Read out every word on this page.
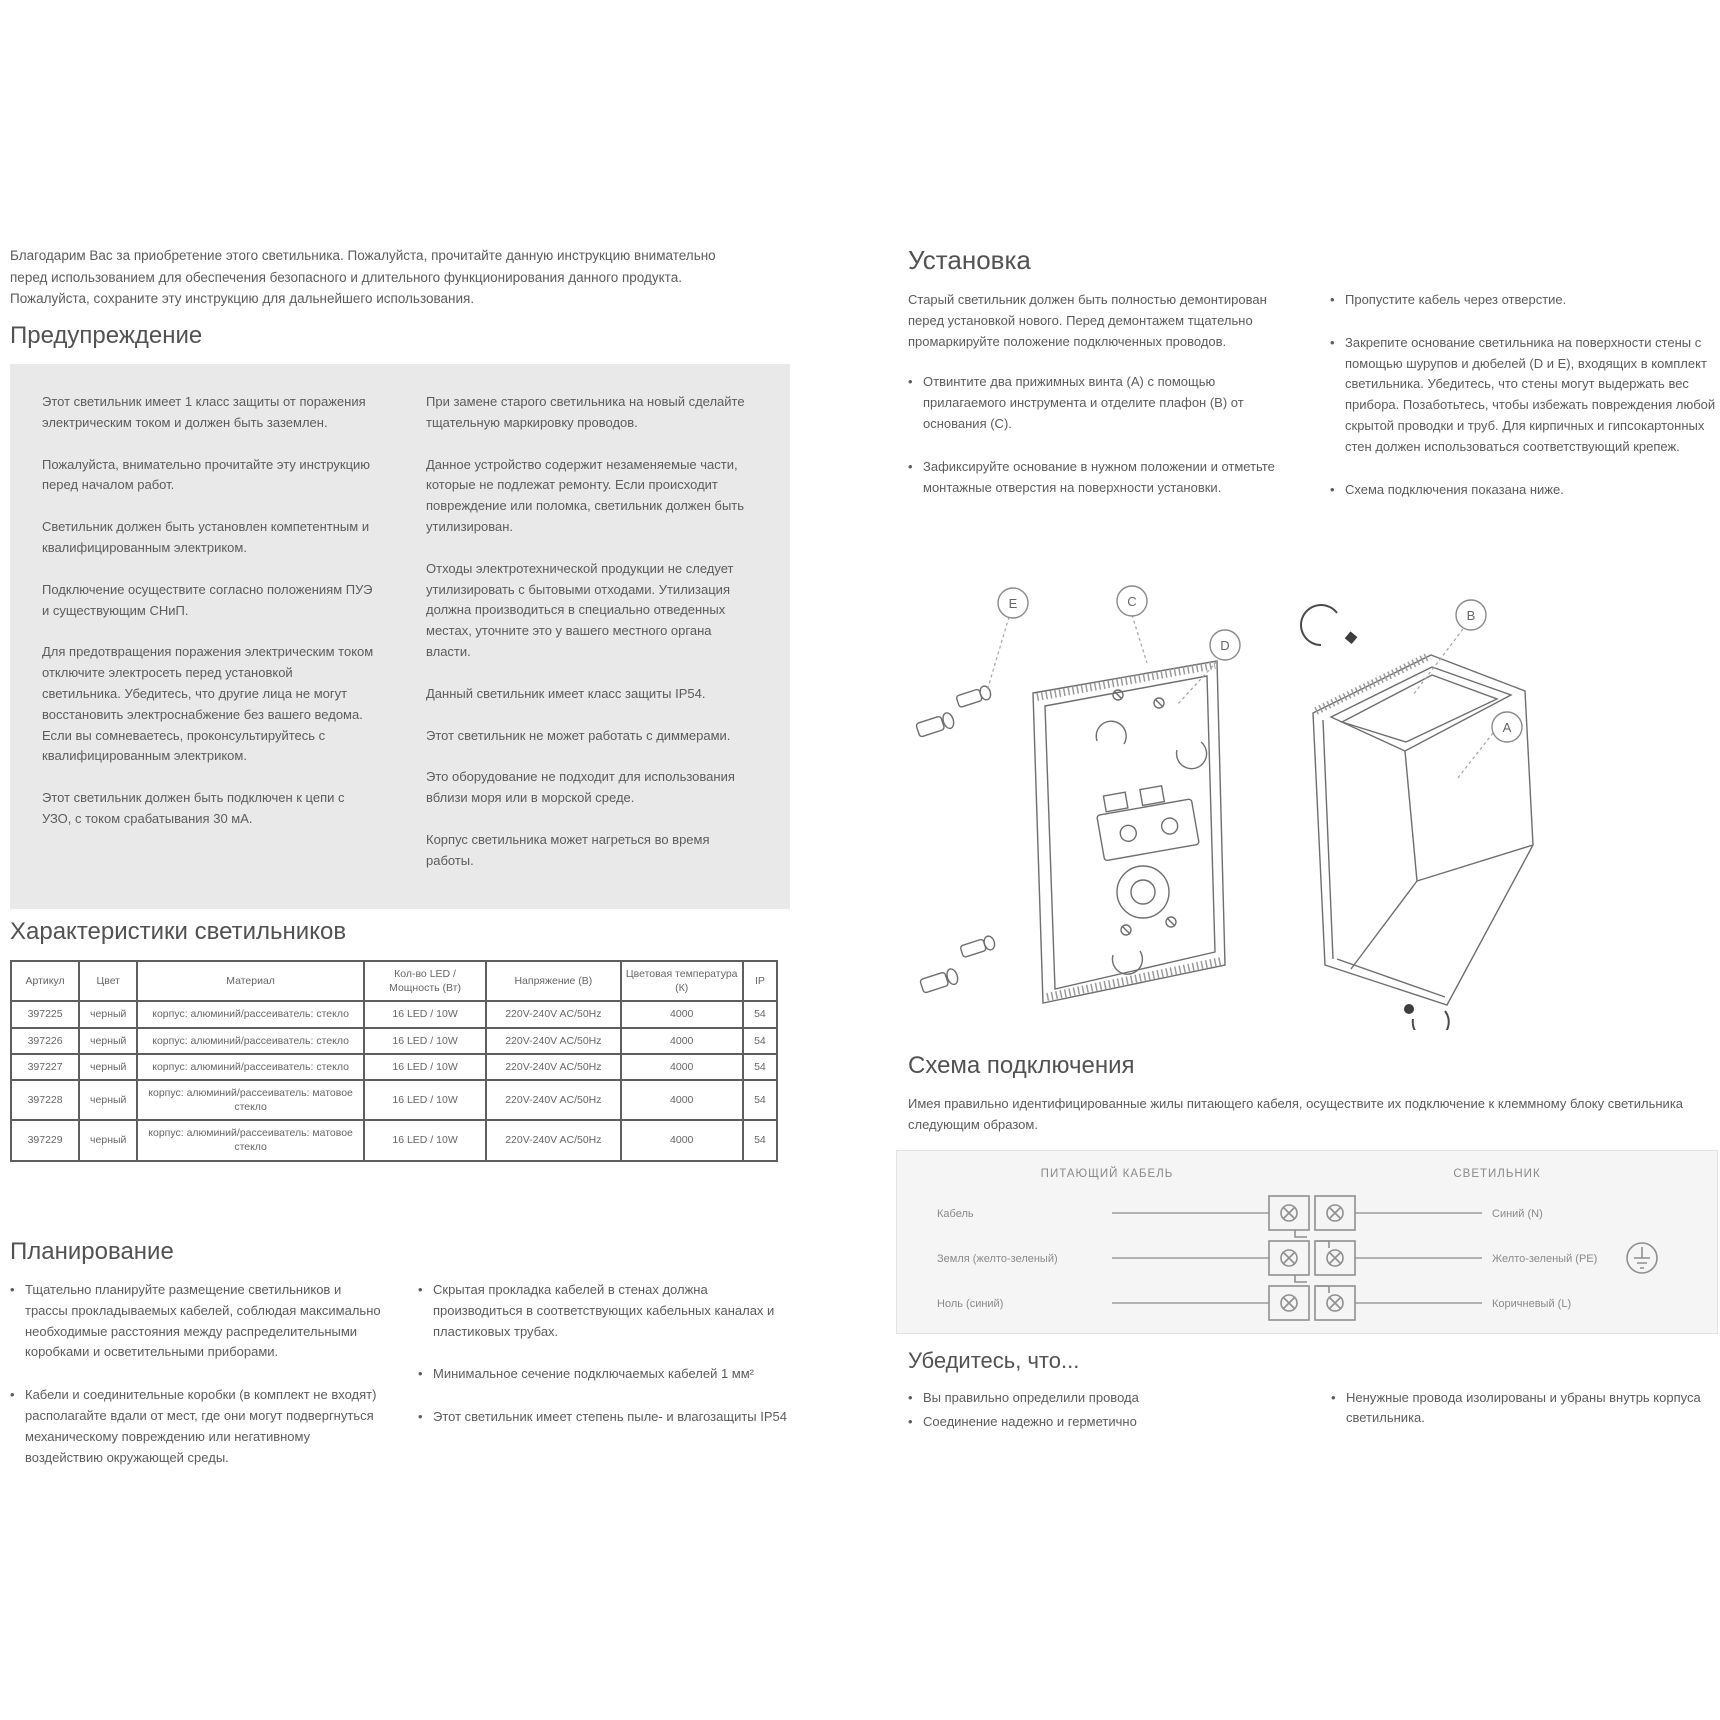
Благодарим Вас за приобретение этого светильника. Пожалуйста, прочитайте данную инструкцию внимательно перед использованием для обеспечения безопасного и длительного функционирования данного продукта. Пожалуйста, сохраните эту инструкцию для дальнейшего использования.

Предупреждение

Этот светильник имеет 1 класс защиты от поражения электрическим током и должен быть заземлен.

Пожалуйста, внимательно прочитайте эту инструкцию перед началом работ.

Светильник должен быть установлен компетентным и квалифицированным электриком.

Подключение осуществите согласно положениям ПУЭ и существующим СНиП.

Для предотвращения поражения электрическим током отключите электросеть перед установкой светильника. Убедитесь, что другие лица не могут восстановить электроснабжение без вашего ведома. Если вы сомневаетесь, проконсультируйтесь с квалифицированным электриком.

Этот светильник должен быть подключен к цепи с УЗО, с током срабатывания 30 мА.

При замене старого светильника на новый сделайте тщательную маркировку проводов.

Данное устройство содержит незаменяемые части, которые не подлежат ремонту. Если происходит повреждение или поломка, светильник должен быть утилизирован.

Отходы электротехнической продукции не следует утилизировать с бытовыми отходами. Утилизация должна производиться в специально отведенных местах, уточните это у вашего местного органа власти.

Данный светильник имеет класс защиты IP54.

Этот светильник не может работать с диммерами.

Это оборудование не подходит для использования вблизи моря или в морской среде.

Корпус светильника может нагреться во время работы.

Характеристики светильников
Артикул	Цвет	Материал	Кол-во LED / Мощность (Вт)	Напряжение (В)	Цветовая температура (К)	IP
397225	черный	корпус: алюминий/рассеиватель: стекло	16 LED / 10W	220V-240V AC/50Hz	4000	54
397226	черный	корпус: алюминий/рассеиватель: стекло	16 LED / 10W	220V-240V AC/50Hz	4000	54
397227	черный	корпус: алюминий/рассеиватель: стекло	16 LED / 10W	220V-240V AC/50Hz	4000	54
397228	черный	корпус: алюминий/рассеиватель: матовое стекло	16 LED / 10W	220V-240V AC/50Hz	4000	54
397229	черный	корпус: алюминий/рассеиватель: матовое стекло	16 LED / 10W	220V-240V AC/50Hz	4000	54
Планирование
• Тщательно планируйте размещение светильников и трассы прокладываемых кабелей, соблюдая максимально необходимые расстояния между распределительными коробками и осветительными приборами.
• Кабели и соединительные коробки (в комплект не входят) располагайте вдали от мест, где они могут подвергнуться механическому повреждению или негативному воздействию окружающей среды.
• Скрытая прокладка кабелей в стенах должна производиться в соответствующих кабельных каналах и пластиковых трубах.
• Минимальное сечение подключаемых кабелей 1 мм²
• Этот светильник имеет степень пыле- и влагозащиты IP54
Установка

Старый светильник должен быть полностью демонтирован перед установкой нового. Перед демонтажем тщательно промаркируйте положение подключенных проводов.

• Отвинтите два прижимных винта (А) с помощью прилагаемого инструмента и отделите плафон (В) от основания (С).
• Зафиксируйте основание в нужном положении и отметьте монтажные отверстия на поверхности установки.
• Пропустите кабель через отверстие.
• Закрепите основание светильника на поверхности стены с помощью шурупов и дюбелей (D и E), входящих в комплект светильника. Убедитесь, что стены могут выдержать вес прибора. Позаботьтесь, чтобы избежать повреждения любой скрытой проводки и труб. Для кирпичных и гипсокартонных стен должен использоваться соответствующий крепеж.
• Схема подключения показана ниже.
E	C
D
B
A
Схема подключения

Имея правильно идентифицированные жилы питающего кабеля, осуществите их подключение к клеммному блоку светильника следующим образом.

ПИТАЮЩИЙ КАБЕЛЬ	СВЕТИЛЬНИК
Кабель
Земля (желто-зеленый)
Ноль (синий)
Синий (N)
Желто-зеленый (PE)
Коричневый (L)
Убедитесь, что...
• Вы правильно определили провода
• Соединение надежно и герметично
• Ненужные провода изолированы и убраны внутрь корпуса светильника.
